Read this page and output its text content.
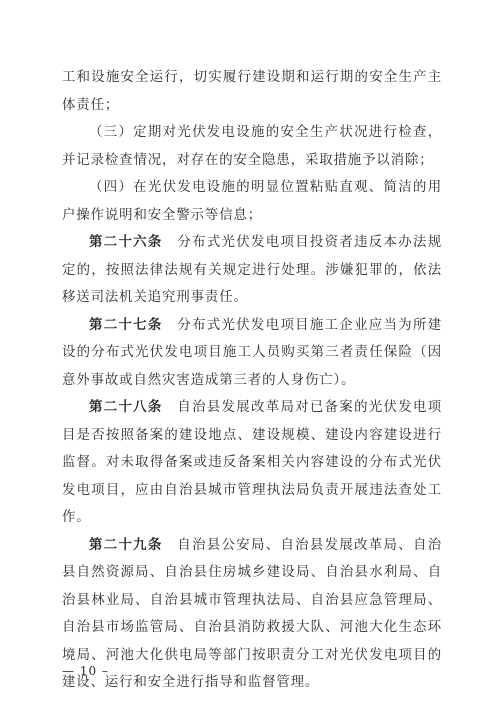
工和设施安全运行，切实履行建设期和运行期的安全生产主体责任；

（三）定期对光伏发电设施的安全生产状况进行检查，并记录检查情况，对存在的安全隐患，采取措施予以消除；

（四）在光伏发电设施的明显位置粘贴直观、简洁的用户操作说明和安全警示等信息；

第二十六条  分布式光伏发电项目投资者违反本办法规定的，按照法律法规有关规定进行处理。涉嫌犯罪的，依法移送司法机关追究刑事责任。

第二十七条  分布式光伏发电项目施工企业应当为所建设的分布式光伏发电项目施工人员购买第三者责任保险（因意外事故或自然灾害造成第三者的人身伤亡）。

第二十八条  自治县发展改革局对已备案的光伏发电项目是否按照备案的建设地点、建设规模、建设内容建设进行监督。对未取得备案或违反备案相关内容建设的分布式光伏发电项目，应由自治县城市管理执法局负责开展违法查处工作。

第二十九条  自治县公安局、自治县发展改革局、自治县自然资源局、自治县住房城乡建设局、自治县水利局、自治县林业局、自治县城市管理执法局、自治县应急管理局、自治县市场监管局、自治县消防救援大队、河池大化生态环境局、河池大化供电局等部门按职责分工对光伏发电项目的建设、运行和安全进行指导和监督管理。

— 10 –
